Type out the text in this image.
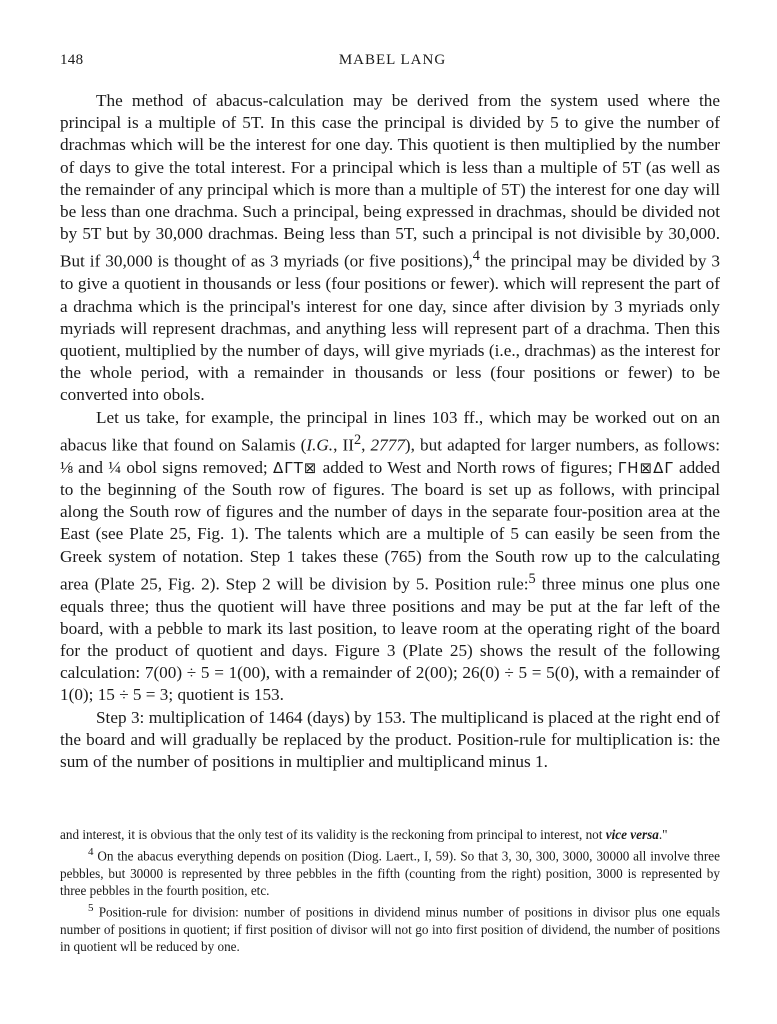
148	MABEL LANG

The method of abacus-calculation may be derived from the system used where the principal is a multiple of 5T. In this case the principal is divided by 5 to give the number of drachmas which will be the interest for one day. This quotient is then multiplied by the number of days to give the total interest. For a principal which is less than a multiple of 5T (as well as the remainder of any principal which is more than a multiple of 5T) the interest for one day will be less than one drachma. Such a principal, being expressed in drachmas, should be divided not by 5T but by 30,000 drachmas. Being less than 5T, such a principal is not divisible by 30,000. But if 30,000 is thought of as 3 myriads (or five positions),$^4$ the principal may be divided by 3 to give a quotient in thousands or less (four positions or fewer). which will represent the part of a drachma which is the principal's interest for one day, since after division by 3 myriads only myriads will represent drachmas, and anything less will represent part of a drachma. Then this quotient, multiplied by the number of days, will give myriads (i.e., drachmas) as the interest for the whole period, with a remainder in thousands or less (four positions or fewer) to be converted into obols.

Let us take, for example, the principal in lines 103 ff., which may be worked out on an abacus like that found on Salamis (I.G., $II^2$, 2777), but adapted for larger numbers, as follows: ⅛ and ¼ obol signs removed; ΔΓΤ⊠ added to West and North rows of figures; ΓΗ⊠ΔΓ added to the beginning of the South row of figures. The board is set up as follows, with principal along the South row of figures and the number of days in the separate four-position area at the East (see Plate 25, Fig. 1). The talents which are a multiple of 5 can easily be seen from the Greek system of notation. Step 1 takes these (765) from the South row up to the calculating area (Plate 25, Fig. 2). Step 2 will be division by 5. Position rule:$^5$ three minus one plus one equals three; thus the quotient will have three positions and may be put at the far left of the board, with a pebble to mark its last position, to leave room at the operating right of the board for the product of quotient and days. Figure 3 (Plate 25) shows the result of the following calculation: 7(00) ÷ 5 = 1(00), with a remainder of 2(00); 26(0) ÷ 5 = 5(0), with a remainder of 1(0); 15 ÷ 5 = 3; quotient is 153.

Step 3: multiplication of 1464 (days) by 153. The multiplicand is placed at the right end of the board and will gradually be replaced by the product. Position-rule for multiplication is: the sum of the number of positions in multiplier and multiplicand minus 1.

and interest, it is obvious that the only test of its validity is the reckoning from principal to interest, not vice versa."

$^4$ On the abacus everything depends on position (Diog. Laert., I, 59). So that 3, 30, 300, 3000, 30000 all involve three pebbles, but 30000 is represented by three pebbles in the fifth (counting from the right) position, 3000 is represented by three pebbles in the fourth position, etc.

$^5$ Position-rule for division: number of positions in dividend minus number of positions in divisor plus one equals number of positions in quotient; if first position of divisor will not go into first position of dividend, the number of positions in quotient wll be reduced by one.
